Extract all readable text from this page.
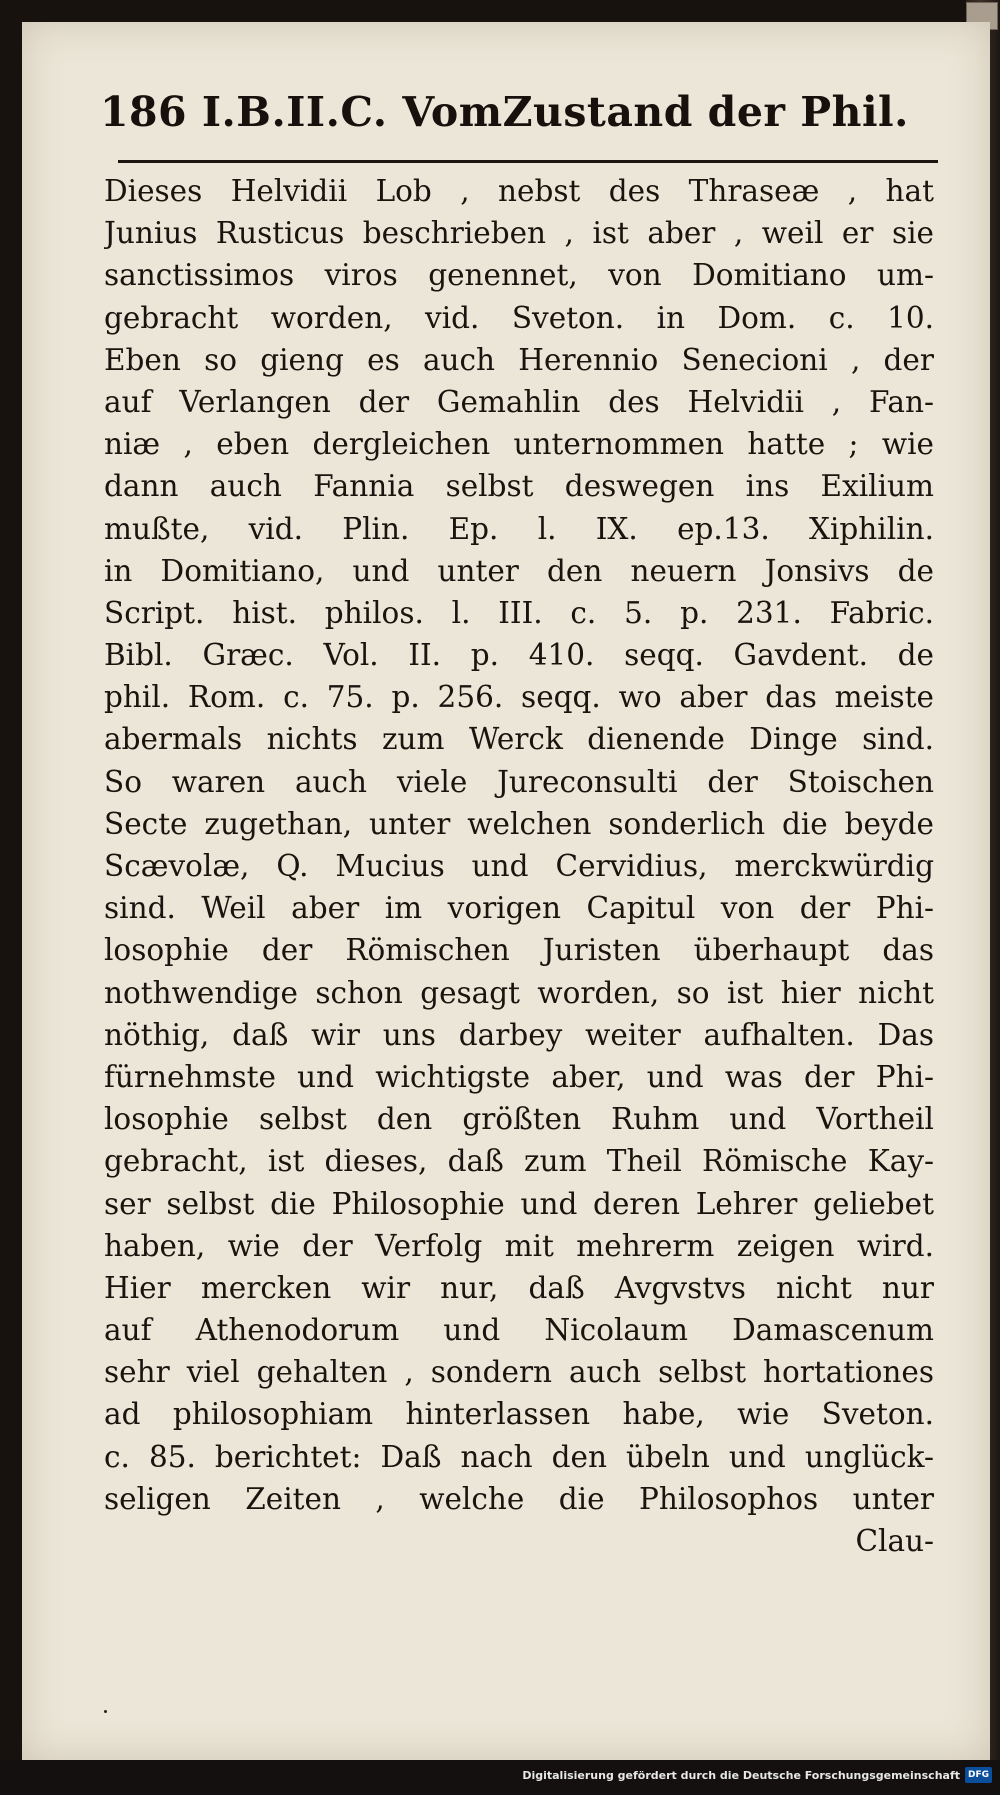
186 I.B.II.C. VomZustand der Phil.
Dieses Helvidii Lob , nebst des Thraseæ , hat
Junius Rusticus beschrieben , ist aber , weil er sie
sanctissimos viros genennet, von Domitiano um-
gebracht worden, vid. Sveton. in Dom. c. 10.
Eben so gieng es auch Herennio Senecioni , der
auf Verlangen der Gemahlin des Helvidii , Fan-
niæ , eben dergleichen unternommen hatte ; wie
dann auch Fannia selbst deswegen ins Exilium
mußte, vid. Plin. Ep. l. IX. ep.13. Xiphilin.
in Domitiano, und unter den neuern Jonsivs de
Script. hist. philos. l. III. c. 5. p. 231. Fabric.
Bibl. Græc. Vol. II. p. 410. seqq. Gavdent. de
phil. Rom. c. 75. p. 256. seqq. wo aber das meiste
abermals nichts zum Werck dienende Dinge sind.
So waren auch viele Jureconsulti der Stoischen
Secte zugethan, unter welchen sonderlich die beyde
Scævolæ, Q. Mucius und Cervidius, merckwürdig
sind. Weil aber im vorigen Capitul von der Phi-
losophie der Römischen Juristen überhaupt das
nothwendige schon gesagt worden, so ist hier nicht
nöthig, daß wir uns darbey weiter aufhalten. Das
fürnehmste und wichtigste aber, und was der Phi-
losophie selbst den größten Ruhm und Vortheil
gebracht, ist dieses, daß zum Theil Römische Kay-
ser selbst die Philosophie und deren Lehrer geliebet
haben, wie der Verfolg mit mehrerm zeigen wird.
Hier mercken wir nur, daß Avgvstvs nicht nur
auf Athenodorum und Nicolaum Damascenum
sehr viel gehalten , sondern auch selbst hortationes
ad philosophiam hinterlassen habe, wie Sveton.
c. 85. berichtet: Daß nach den übeln und unglück-
seligen Zeiten , welche die Philosophos unter
Clau-
Digitalisierung gefördert durch die Deutsche Forschungsgemeinschaft DFG
